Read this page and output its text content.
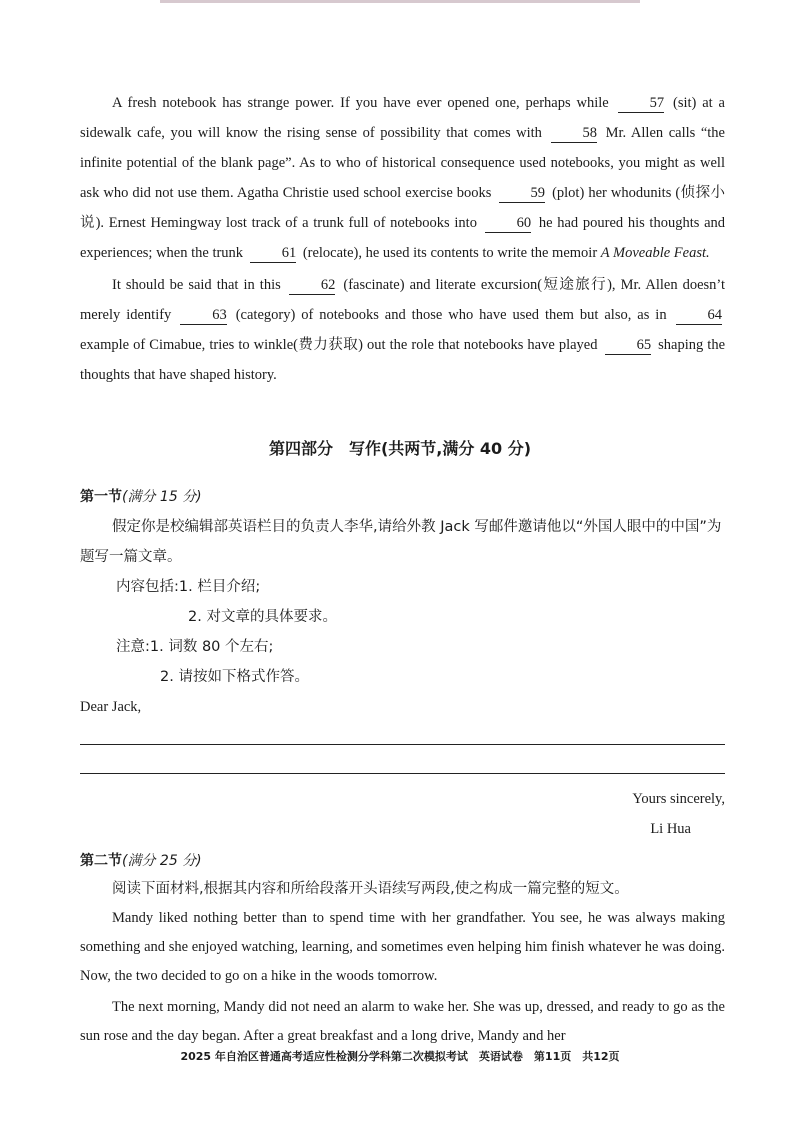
A fresh notebook has strange power. If you have ever opened one, perhaps while	57 (sit) at a sidewalk cafe, you will know the rising sense of possibility that comes with	58 Mr. Allen calls “the infinite potential of the blank page”. As to who of historical consequence used notebooks, you might as well ask who did not use them. Agatha Christie used school exercise books	59 (plot) her whodunits (侦探小说). Ernest Hemingway lost track of a trunk full of notebooks into	60 he had poured his thoughts and experiences; when the trunk	61 (relocate), he used its contents to write the memoir A Moveable Feast.

It should be said that in this	62 (fascinate) and literate excursion(短途旅行), Mr. Allen doesn’t merely identify	63 (category) of notebooks and those who have used them but also, as in	64 example of Cimabue, tries to winkle(费力获取) out the role that notebooks have played	65 shaping the thoughts that have shaped history.

第四部分　写作(共两节,满分 40 分)
第一节(满分 15 分)
假定你是校编辑部英语栏目的负责人李华,请给外教 Jack 写邮件邀请他以“外国人眼中的中国”为题写一篇文章。
内容包括:1. 栏目介绍;
2. 对文章的具体要求。
注意:1. 词数 80 个左右;
2. 请按如下格式作答。
Dear Jack,
Yours sincerely,
Li Hua
第二节(满分 25 分)
阅读下面材料,根据其内容和所给段落开头语续写两段,使之构成一篇完整的短文。

Mandy liked nothing better than to spend time with her grandfather. You see, he was always making something and she enjoyed watching, learning, and sometimes even helping him finish whatever he was doing. Now, the two decided to go on a hike in the woods tomorrow.

The next morning, Mandy did not need an alarm to wake her. She was up, dressed, and ready to go as the sun rose and the day began. After a great breakfast and a long drive, Mandy and her

2025 年自治区普通高考适应性检测分学科第二次模拟考试　英语试卷　第11页　共12页
